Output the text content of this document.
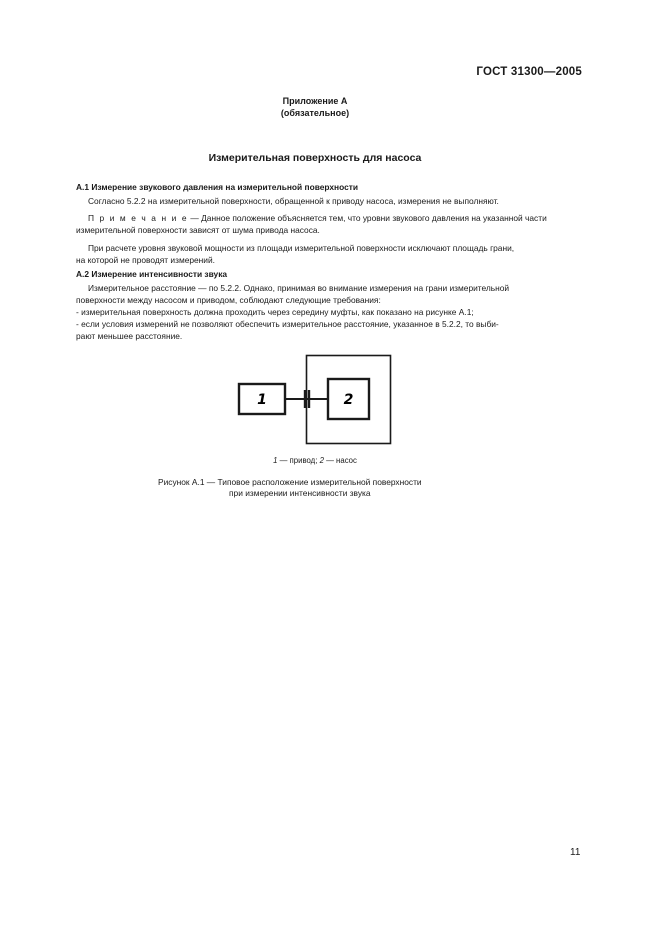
ГОСТ 31300—2005
Приложение А
(обязательное)
Измерительная поверхность для насоса
А.1 Измерение звукового давления на измерительной поверхности
Согласно 5.2.2 на измерительной поверхности, обращенной к приводу насоса, измерения не выполняют.
П р и м е ч а н и е — Данное положение объясняется тем, что уровни звукового давления на указанной части
измерительной поверхности зависят от шума привода насоса.
При расчете уровня звуковой мощности из площади измерительной поверхности исключают площадь грани,
на которой не проводят измерений.
А.2 Измерение интенсивности звука
Измерительное расстояние — по 5.2.2. Однако, принимая во внимание измерения на грани измерительной
поверхности между насосом и приводом, соблюдают следующие требования:
- измерительная поверхность должна проходить через середину муфты, как показано на рисунке А.1;
- если условия измерений не позволяют обеспечить измерительное расстояние, указанное в 5.2.2, то выби-
рают меньшее расстояние.
1	2
1 — привод; 2 — насос
Рисунок А.1 — Типовое расположение измерительной поверхности
при измерении интенсивности звука
11
